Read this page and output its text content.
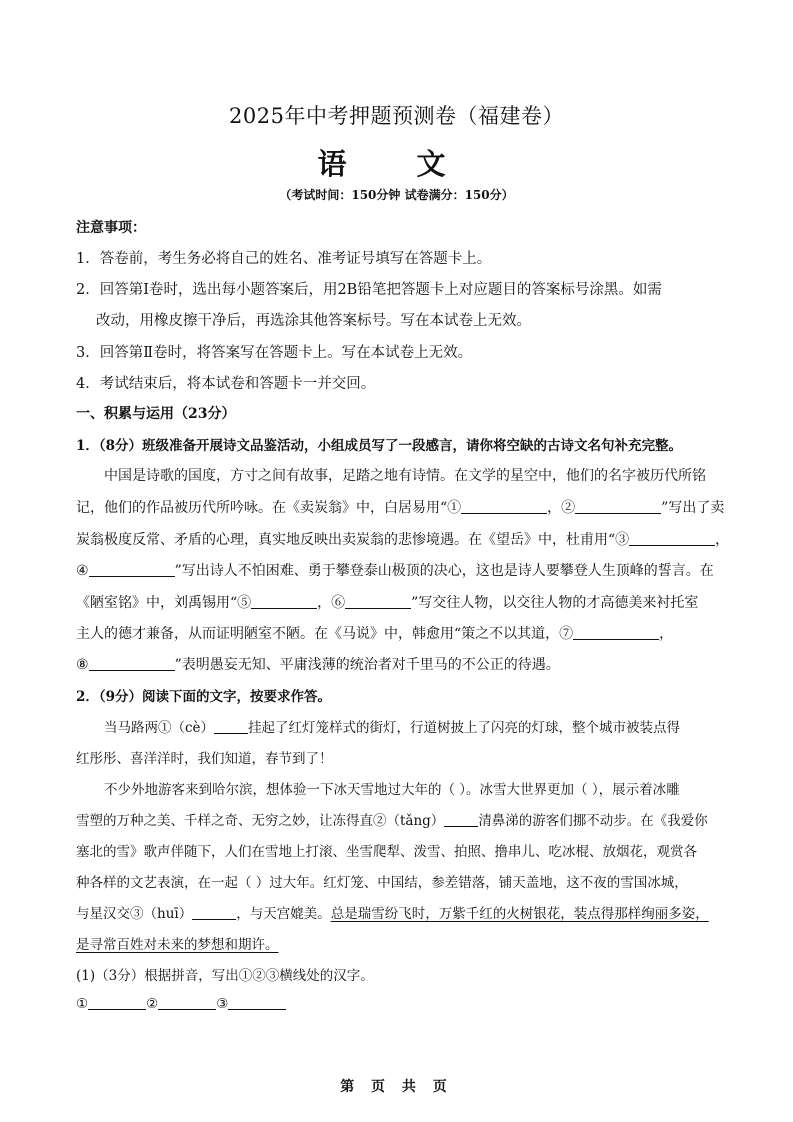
2025年中考押题预测卷（福建卷）
语 文
（考试时间：150分钟 试卷满分：150分）
注意事项：
1．答卷前，考生务必将自己的姓名、准考证号填写在答题卡上。
2．回答第Ⅰ卷时，选出每小题答案后，用2B铅笔把答题卡上对应题目的答案标号涂黑。如需
改动，用橡皮擦干净后，再选涂其他答案标号。写在本试卷上无效。
3．回答第Ⅱ卷时，将答案写在答题卡上。写在本试卷上无效。
4．考试结束后，将本试卷和答题卡一并交回。
一、积累与运用（23分）
1．（8分）班级准备开展诗文品鉴活动，小组成员写了一段感言，请你将空缺的古诗文名句补充完整。
中国是诗歌的国度，方寸之间有故事，足踏之地有诗情。在文学的星空中，他们的名字被历代所铭
记，他们的作品被历代所吟咏。在《卖炭翁》中，白居易用“①	，②	”写出了卖
炭翁极度反常、矛盾的心理，真实地反映出卖炭翁的悲惨境遇。在《望岳》中，杜甫用“③	，
④	”写出诗人不怕困难、勇于攀登泰山极顶的决心，这也是诗人要攀登人生顶峰的誓言。在
《陋室铭》中，刘禹锡用“⑤	，⑥	”写交往人物，以交往人物的才高德美来衬托室
主人的德才兼备，从而证明陋室不陋。在《马说》中，韩愈用“策之不以其道，⑦	，
⑧	”表明愚妄无知、平庸浅薄的统治者对千里马的不公正的待遇。
2．（9分）阅读下面的文字，按要求作答。
当马路两①（cè）	挂起了红灯笼样式的街灯，行道树披上了闪亮的灯球，整个城市被装点得
红彤彤、喜洋洋时，我们知道，春节到了！
不少外地游客来到哈尔滨，想体验一下冰天雪地过大年的（ ）。冰雪大世界更加（ ），展示着冰雕
雪塑的万种之美、千样之奇、无穷之妙，让冻得直②（tǎng）	清鼻涕的游客们挪不动步。在《我爱你
塞北的雪》歌声伴随下，人们在雪地上打滚、坐雪爬犁、泼雪、拍照、撸串儿、吃冰棍、放烟花，观赏各
种各样的文艺表演，在一起（ ）过大年。红灯笼、中国结，参差错落，铺天盖地，这不夜的雪国冰城，
与星汉交③（huī）	，与天宫媲美。总是瑞雪纷飞时，万紫千红的火树银花，装点得那样绚丽多姿，
是寻常百姓对未来的梦想和期许。
(1)（3分）根据拼音，写出①②③横线处的汉字。
①	②	③
第 页 共 页
